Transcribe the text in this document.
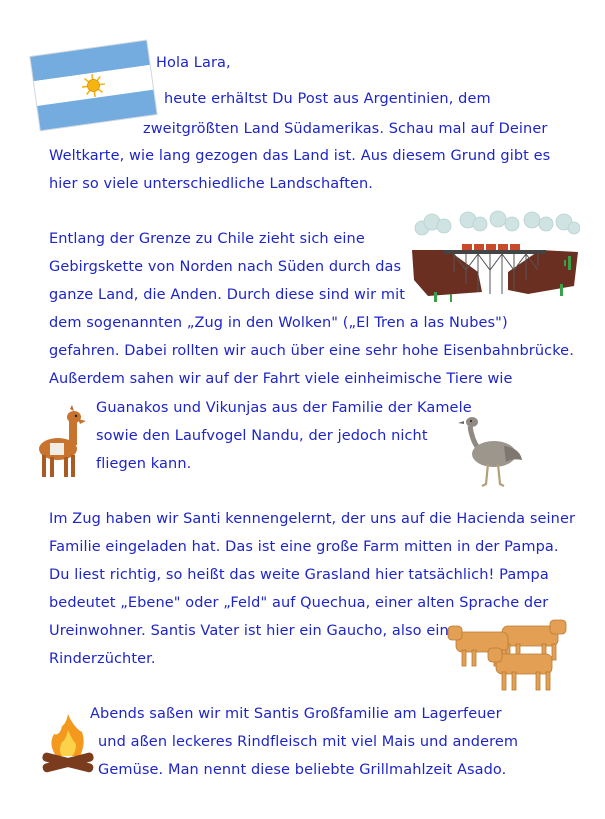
Hola Lara,

heute erhältst Du Post aus Argentinien, dem

zweitgrößten Land Südamerikas. Schau mal auf Deiner

Weltkarte, wie lang gezogen das Land ist. Aus diesem Grund gibt es

hier so viele unterschiedliche Landschaften.

Entlang der Grenze zu Chile zieht sich eine

Gebirgskette von Norden nach Süden durch das

ganze Land, die Anden. Durch diese sind wir mit

dem sogenannten „Zug in den Wolken" („El Tren a las Nubes")

gefahren. Dabei rollten wir auch über eine sehr hohe Eisenbahnbrücke.

Außerdem sahen wir auf der Fahrt viele einheimische Tiere wie

Guanakos und Vikunjas aus der Familie der Kamele

sowie den Laufvogel Nandu, der jedoch nicht

fliegen kann.

Im Zug haben wir Santi kennengelernt, der uns auf die Hacienda seiner

Familie eingeladen hat. Das ist eine große Farm mitten in der Pampa.

Du liest richtig, so heißt das weite Grasland hier tatsächlich! Pampa

bedeutet „Ebene" oder „Feld" auf Quechua, einer alten Sprache der

Ureinwohner. Santis Vater ist hier ein Gaucho, also ein

Rinderzüchter.

Abends saßen wir mit Santis Großfamilie am Lagerfeuer

und aßen leckeres Rindfleisch mit viel Mais und anderem

Gemüse. Man nennt diese beliebte Grillmahlzeit Asado.
